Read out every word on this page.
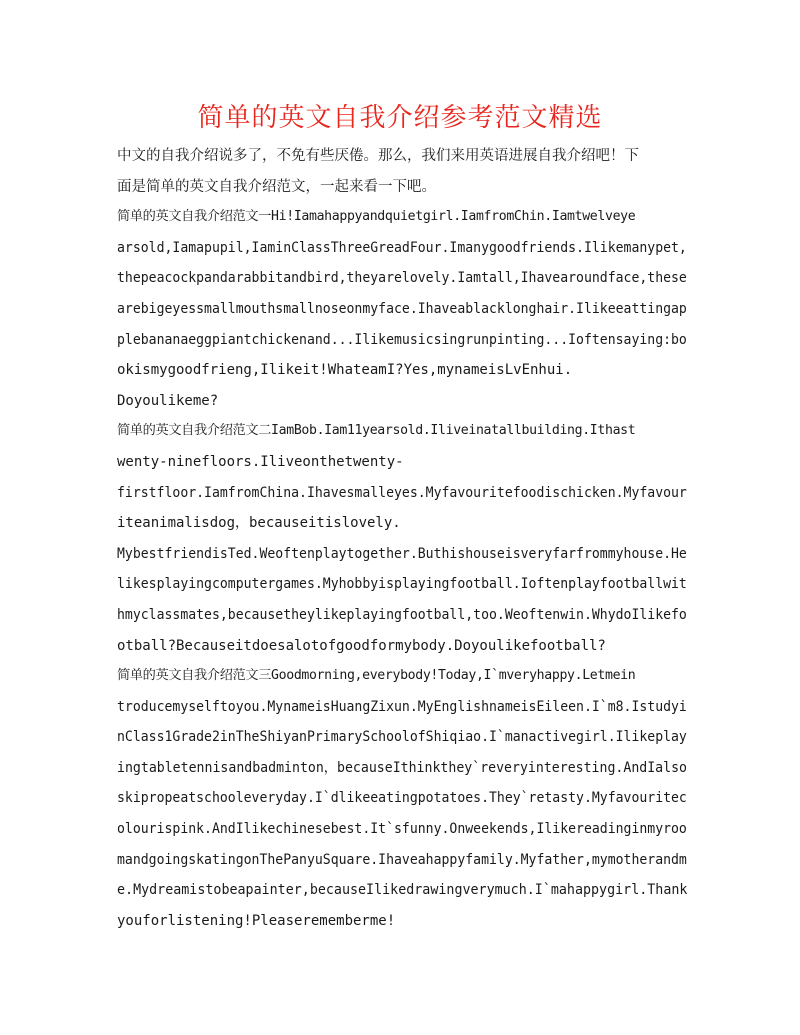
简单的英文自我介绍参考范文精选
中文的自我介绍说多了，不免有些厌倦。那么，我们来用英语进展自我介绍吧！下
面是简单的英文自我介绍范文，一起来看一下吧。
简单的英文自我介绍范文一Hi!Iamahappyandquietgirl.IamfromChin.Iamtwelveye
arsold,Iamapupil,IaminClassThreeGreadFour.Imanygoodfriends.Ilikemanypet,
thepeacockpandarabbitandbird,theyarelovely.Iamtall,Ihavearoundface,these
arebigeyessmallmouthsmallnoseonmyface.Ihaveablacklonghair.Ilikeeattingap
plebananaeggpiantchickenand...Ilikemusicsingrunpinting...Ioftensaying:bo
okismygoodfrieng,Ilikeit!WhateamI?Yes,mynameisLvEnhui.
Doyoulikeme?
简单的英文自我介绍范文二IamBob.Iam11yearsold.Iliveinatallbuilding.Ithast
wenty-ninefloors.Iliveonthetwenty-
firstfloor.IamfromChina.Ihavesmalleyes.Myfavouritefoodischicken.Myfavour
iteanimalisdog，becauseitislovely.
MybestfriendisTed.Weoftenplaytogether.Buthishouseisveryfarfrommyhouse.He
likesplayingcomputergames.Myhobbyisplayingfootball.Ioftenplayfootballwit
hmyclassmates,becausetheylikeplayingfootball,too.Weoftenwin.WhydoIlikefo
otball?Becauseitdoesalotofgoodformybody.Doyoulikefootball?
简单的英文自我介绍范文三Goodmorning,everybody!Today,I`mveryhappy.Letmein
troducemyselftoyou.MynameisHuangZixun.MyEnglishnameisEileen.I`m8.Istudyi
nClass1Grade2inTheShiyanPrimarySchoolofShiqiao.I`manactivegirl.Ilikeplay
ingtabletennisandbadminton，becauseIthinkthey`reveryinteresting.AndIalso
skipropeatschooleveryday.I`dlikeeatingpotatoes.They`retasty.Myfavouritec
olourispink.AndIlikechinesebest.It`sfunny.Onweekends,Ilikereadinginmyroo
mandgoingskatingonThePanyuSquare.Ihaveahappyfamily.Myfather,mymotherandm
e.Mydreamistobeapainter,becauseIlikedrawingverymuch.I`mahappygirl.Thank
youforlistening!Pleaserememberme!
